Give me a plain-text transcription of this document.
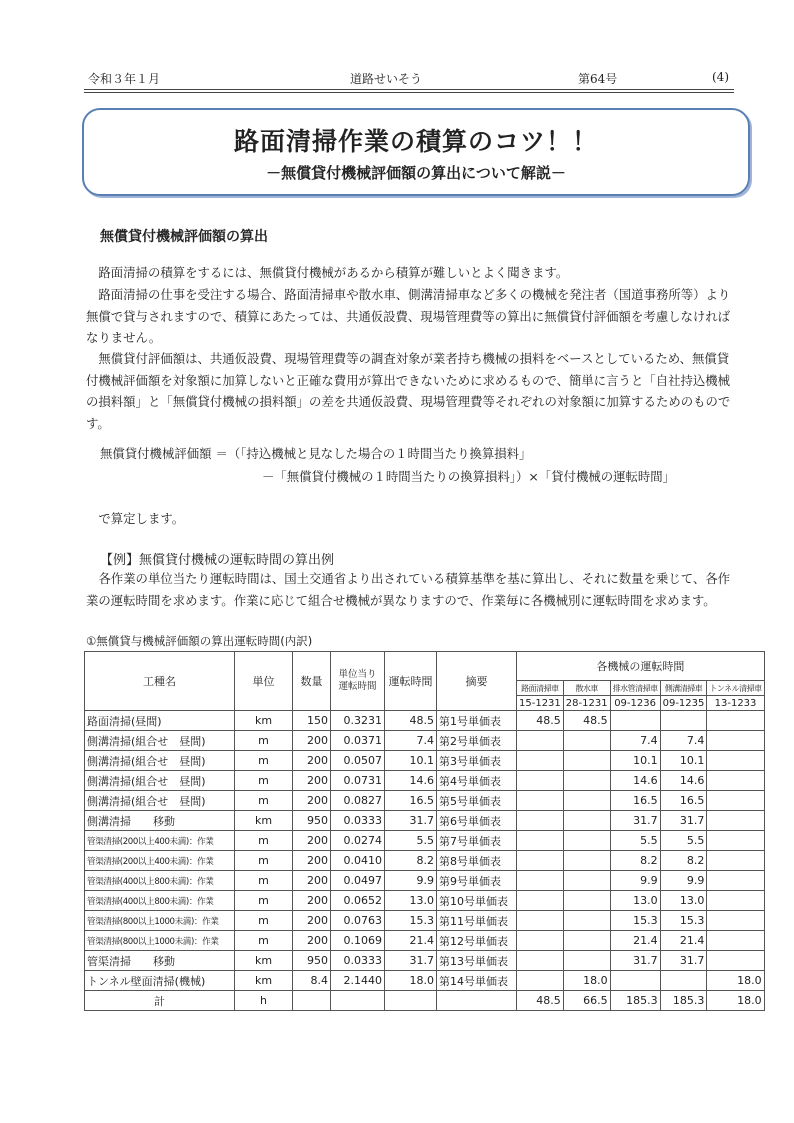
令和３年１月	道路せいそう	第64号	(4)
路面清掃作業の積算のコツ！！
－無償貸付機械評価額の算出について解説－
無償貸付機械評価額の算出
　路面清掃の積算をするには、無償貸付機械があるから積算が難しいとよく聞きます。
　路面清掃の仕事を受注する場合、路面清掃車や散水車、側溝清掃車など多くの機械を発注者（国道事務所等）より無償で貸与されますので、積算にあたっては、共通仮設費、現場管理費等の算出に無償貸付評価額を考慮しなければなりません。
　無償貸付評価額は、共通仮設費、現場管理費等の調査対象が業者持ち機械の損料をベースとしているため、無償貸付機械評価額を対象額に加算しないと正確な費用が算出できないために求めるもので、簡単に言うと「自社持込機械の損料額」と「無償貸付機械の損料額」の差を共通仮設費、現場管理費等それぞれの対象額に加算するためのものです。
無償貸付機械評価額 ＝（「持込機械と見なした場合の１時間当たり換算損料」
－「無償貸付機械の１時間当たりの換算損料」）×「貸付機械の運転時間」
　で算定します。
【例】無償貸付機械の運転時間の算出例
　各作業の単位当たり運転時間は、国土交通省より出されている積算基準を基に算出し、それに数量を乗じて、各作業の運転時間を求めます。作業に応じて組合せ機械が異なりますので、作業毎に各機械別に運転時間を求めます。
①無償貸与機械評価額の算出運転時間(内訳)
工種名	単位	数量	単位当り
運転時間	運転時間	摘要	各機械の運転時間				
						路面清掃車	散水車	排水管清掃車	側溝清掃車	トンネル清掃車
						15-1231	28-1231	09-1236	09-1235	13-1233
路面清掃(昼間)	km	150	0.3231	48.5	第1号単価表	48.5	48.5			
側溝清掃(組合せ　昼間)	m	200	0.0371	7.4	第2号単価表			7.4	7.4	
側溝清掃(組合せ　昼間)	m	200	0.0507	10.1	第3号単価表			10.1	10.1	
側溝清掃(組合せ　昼間)	m	200	0.0731	14.6	第4号単価表			14.6	14.6	
側溝清掃(組合せ　昼間)	m	200	0.0827	16.5	第5号単価表			16.5	16.5	
側溝清掃　　移動	km	950	0.0333	31.7	第6号単価表			31.7	31.7	
管渠清掃(200以上400未満)：作業	m	200	0.0274	5.5	第7号単価表			5.5	5.5	
管渠清掃(200以上400未満)：作業	m	200	0.0410	8.2	第8号単価表			8.2	8.2	
管渠清掃(400以上800未満)：作業	m	200	0.0497	9.9	第9号単価表			9.9	9.9	
管渠清掃(400以上800未満)：作業	m	200	0.0652	13.0	第10号単価表			13.0	13.0	
管渠清掃(800以上1000未満)：作業	m	200	0.0763	15.3	第11号単価表			15.3	15.3	
管渠清掃(800以上1000未満)：作業	m	200	0.1069	21.4	第12号単価表			21.4	21.4	
管渠清掃　　移動	km	950	0.0333	31.7	第13号単価表			31.7	31.7	
トンネル壁面清掃(機械)	km	8.4	2.1440	18.0	第14号単価表		18.0			18.0
計	h					48.5	66.5	185.3	185.3	18.0
